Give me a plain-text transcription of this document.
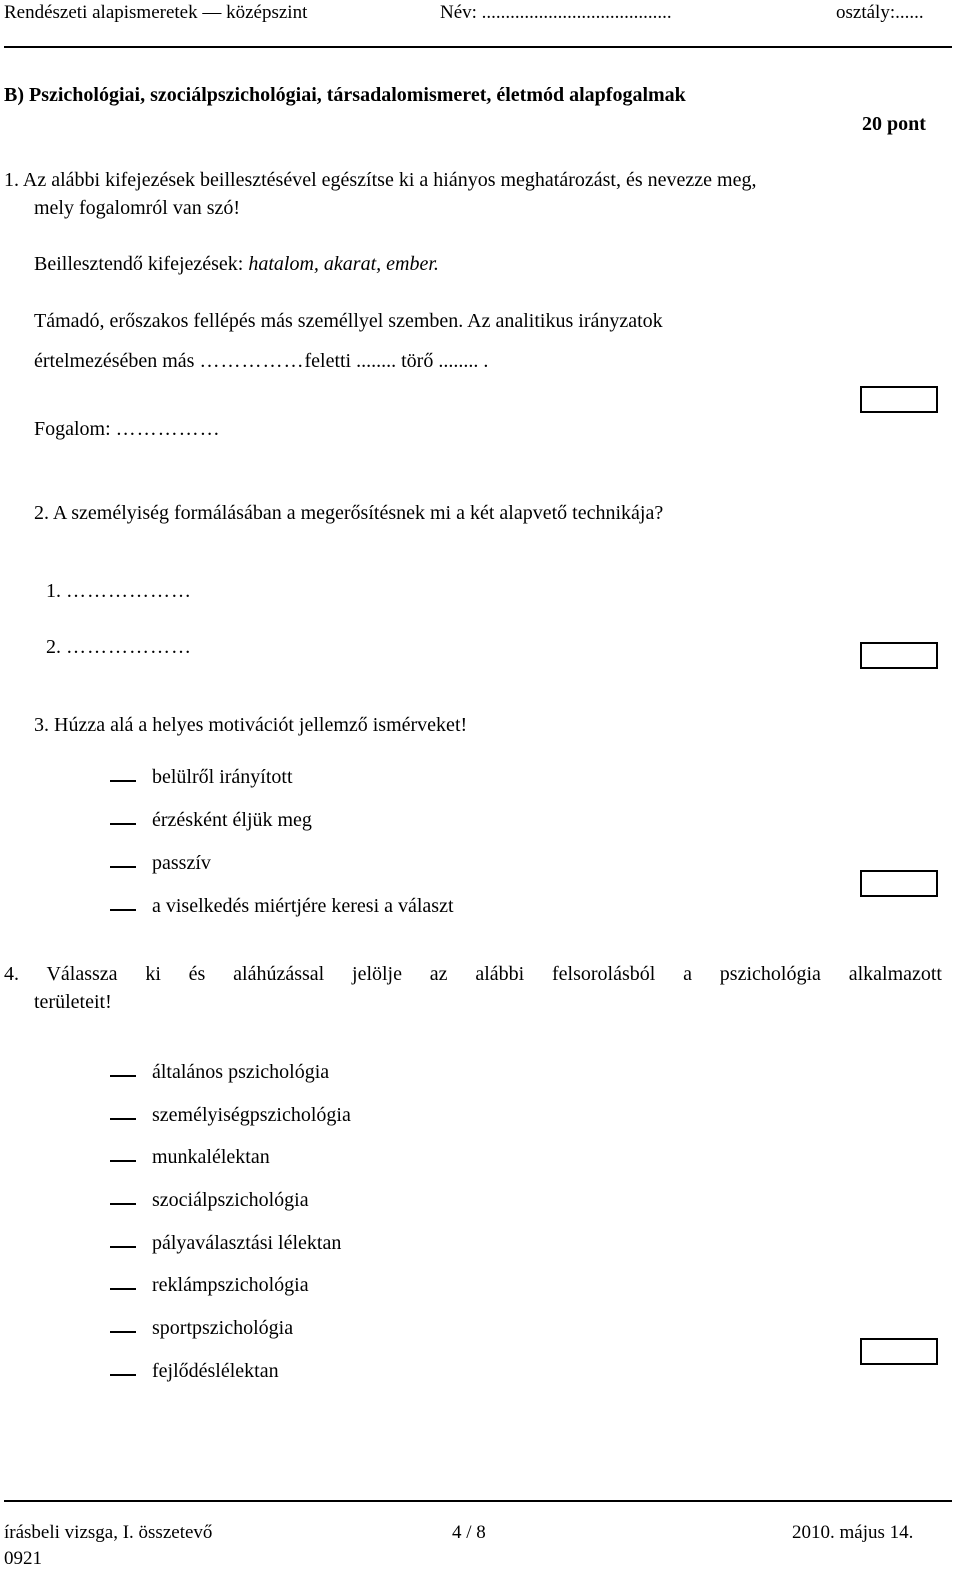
Rendészeti alapismeretek — középszint	Név: ........................................	osztály:......
B) Pszichológiai, szociálpszichológiai, társadalomismeret, életmód alapfogalmak
20 pont
1. Az alábbi kifejezések beillesztésével egészítse ki a hiányos meghatározást, és nevezze meg,
mely fogalomról van szó!
Beillesztendő kifejezések: hatalom, akarat, ember.
Támadó, erőszakos fellépés más személlyel szemben. Az analitikus irányzatok
értelmezésében más ……………feletti ........ törő ........ .
Fogalom: ……………
2. A személyiség formálásában a megerősítésnek mi a két alapvető technikája?
1. ………………
2. ………………
3. Húzza alá a helyes motivációt jellemző ismérveket!
belülről irányított
érzésként éljük meg
passzív
a viselkedés miértjére keresi a választ
4. Válassza ki és aláhúzással jelölje az alábbi felsorolásból a pszichológia alkalmazott
területeit!
általános pszichológia
személyiségpszichológia
munkalélektan
szociálpszichológia
pályaválasztási lélektan
reklámpszichológia
sportpszichológia
fejlődéslélektan
írásbeli vizsga, I. összetevő	4 / 8	2010. május 14.
0921
